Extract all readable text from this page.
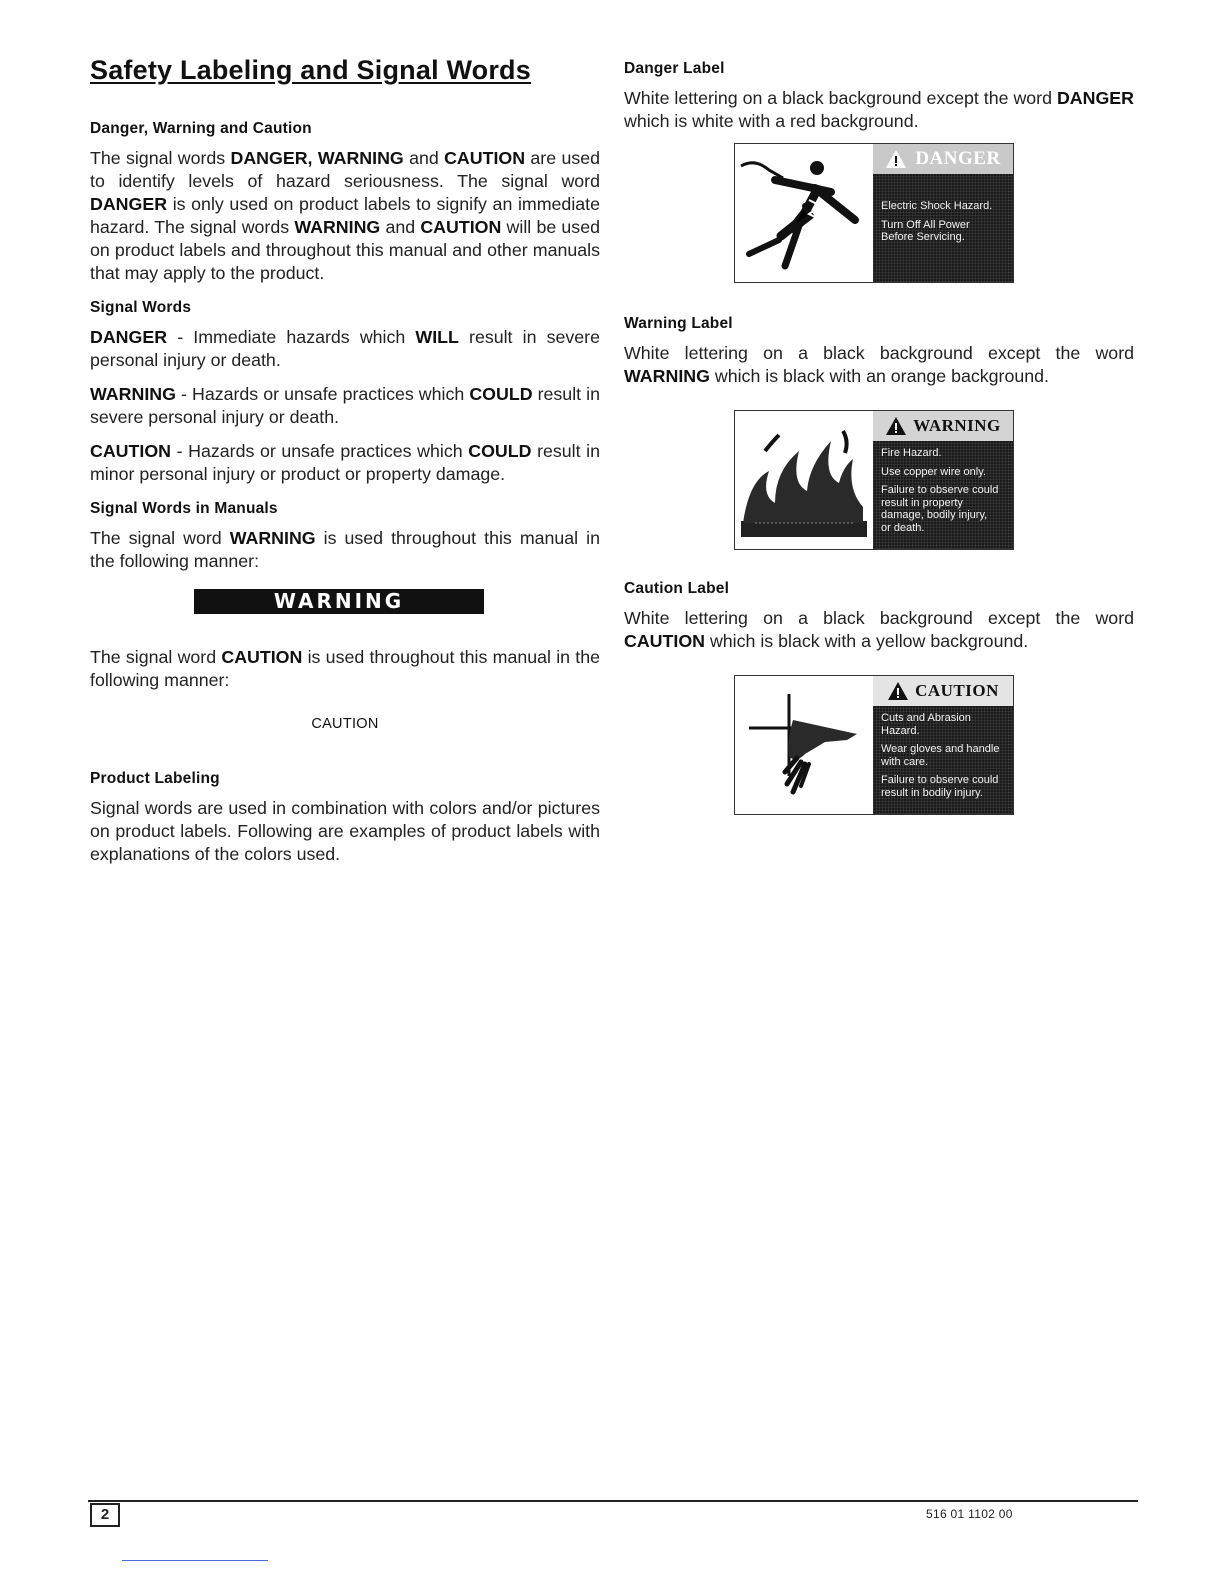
Safety Labeling and Signal Words
Danger, Warning and Caution

The signal words DANGER, WARNING and CAUTION are used to identify levels of hazard seriousness. The signal word DANGER is only used on product labels to signify an immediate hazard. The signal words WARNING and CAUTION will be used on product labels and throughout this manual and other manuals that may apply to the product.

Signal Words

DANGER - Immediate hazards which WILL result in severe personal injury or death.

WARNING - Hazards or unsafe practices which COULD result in severe personal injury or death.

CAUTION - Hazards or unsafe practices which COULD result in minor personal injury or product or property damage.

Signal Words in Manuals

The signal word WARNING is used throughout this manual in the following manner:

WARNING

The signal word CAUTION is used throughout this manual in the following manner:

CAUTION
Product Labeling

Signal words are used in combination with colors and/or pictures on product labels. Following are examples of product labels with explanations of the colors used.

Danger Label

White lettering on a black background except the word DANGER which is white with a red background.

DANGER
Electric Shock Hazard.
Turn Off All Power
Before Servicing.
Warning Label

White lettering on a black background except the word WARNING which is black with an orange background.

WARNING
Fire Hazard.
Use copper wire only.
Failure to observe could
result in property
damage, bodily injury,
or death.
Caution Label

White lettering on a black background except the word CAUTION which is black with a yellow background.

CAUTION
Cuts and Abrasion Hazard.
Wear gloves and handle
with care.
Failure to observe could
result in bodily injury.
2	516 01 1102 00
